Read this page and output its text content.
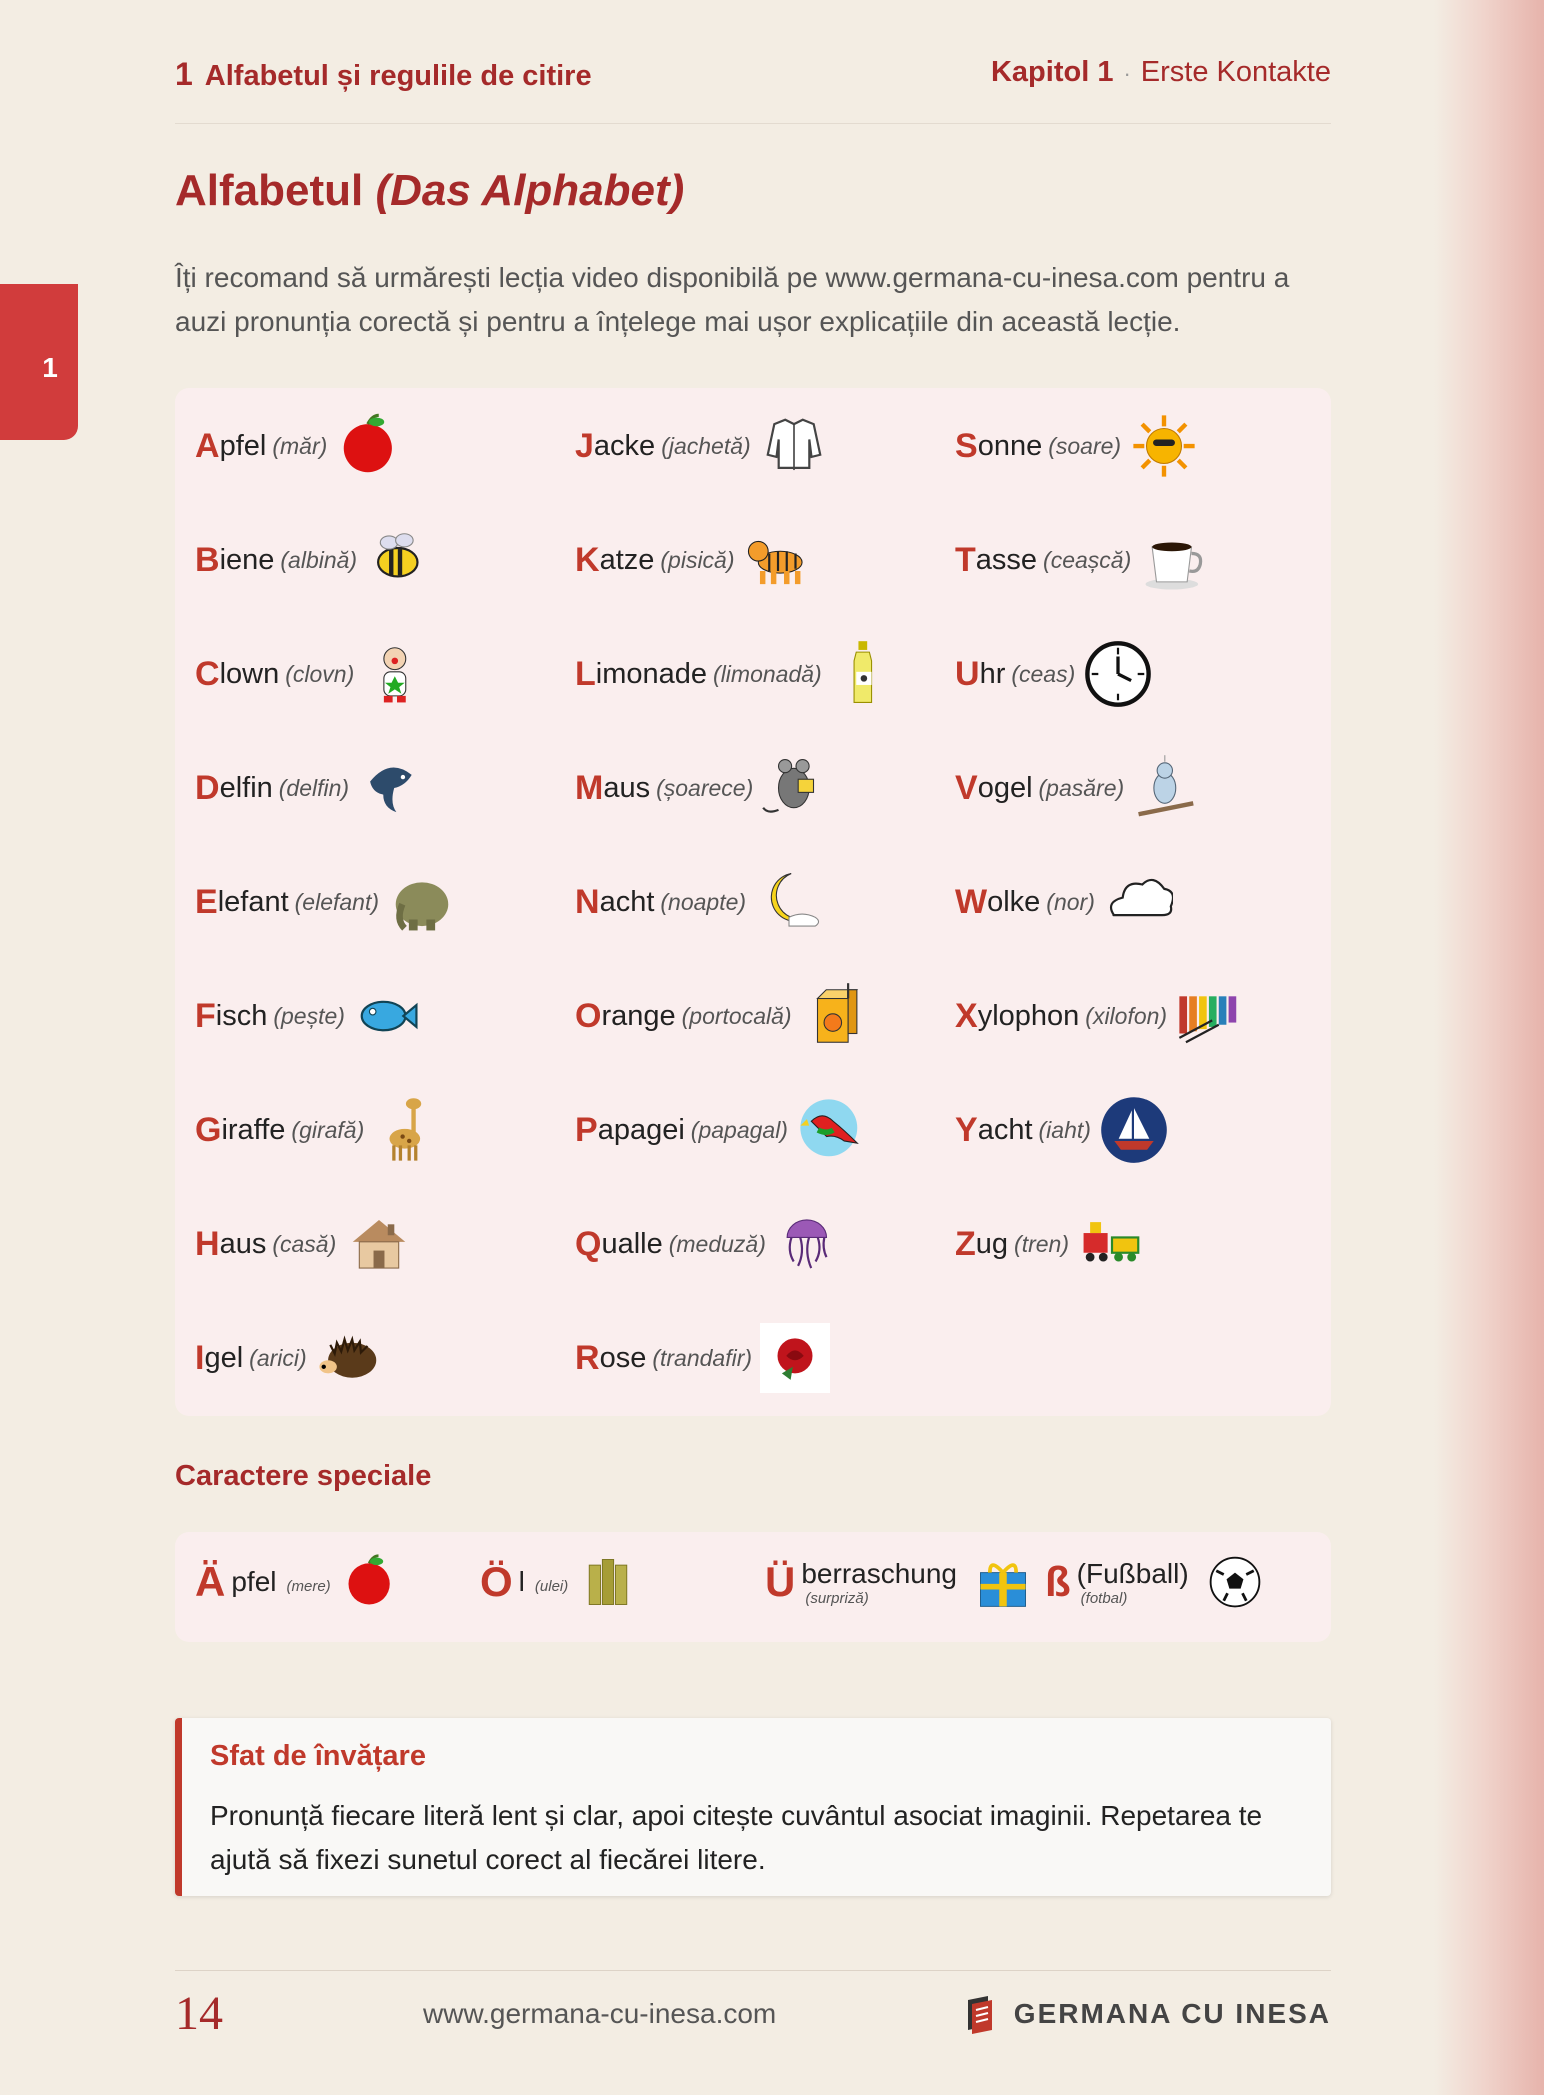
1
1 Alfabetul și regulile de citire	Kapitol 1 · Erste Kontakte
Alfabetul (Das Alphabet)

Îți recomand să urmărești lecția video disponibilă pe www.germana-cu-inesa.com pentru a auzi pronunția corectă și pentru a înțelege mai ușor explicațiile din această lecție.

A pfel (măr)
B iene (albină)
C lown (clovn)
D elfin (delfin)
E lefant (elefant)
F isch (pește)
G iraffe (girafă)
H aus (casă)
I gel (arici)
J acke (jachetă)
K atze (pisică)
L imonade (limonadă)
M aus (șoarece)
N acht (noapte)
O range (portocală)
P apagei (papagal)
Q ualle (meduză)
R ose (trandafir)
S onne (soare)
T asse (ceașcă)
U hr (ceas)
V ogel (pasăre)
W olke (nor)
X ylophon (xilofon)
Y acht (iaht)
Z ug (tren)
Caractere speciale
Ä pfel (mere)	Ö l (ulei)	Ü berraschung
(surpriză)	ß (Fußball)
(fotbal)
Sfat de învățare
Pronunță fiecare literă lent și clar, apoi citește cuvântul asociat imaginii. Repetarea te ajută să fixezi sunetul corect al fiecărei litere.
14	www.germana-cu-inesa.com	GERMANA CU INESA
